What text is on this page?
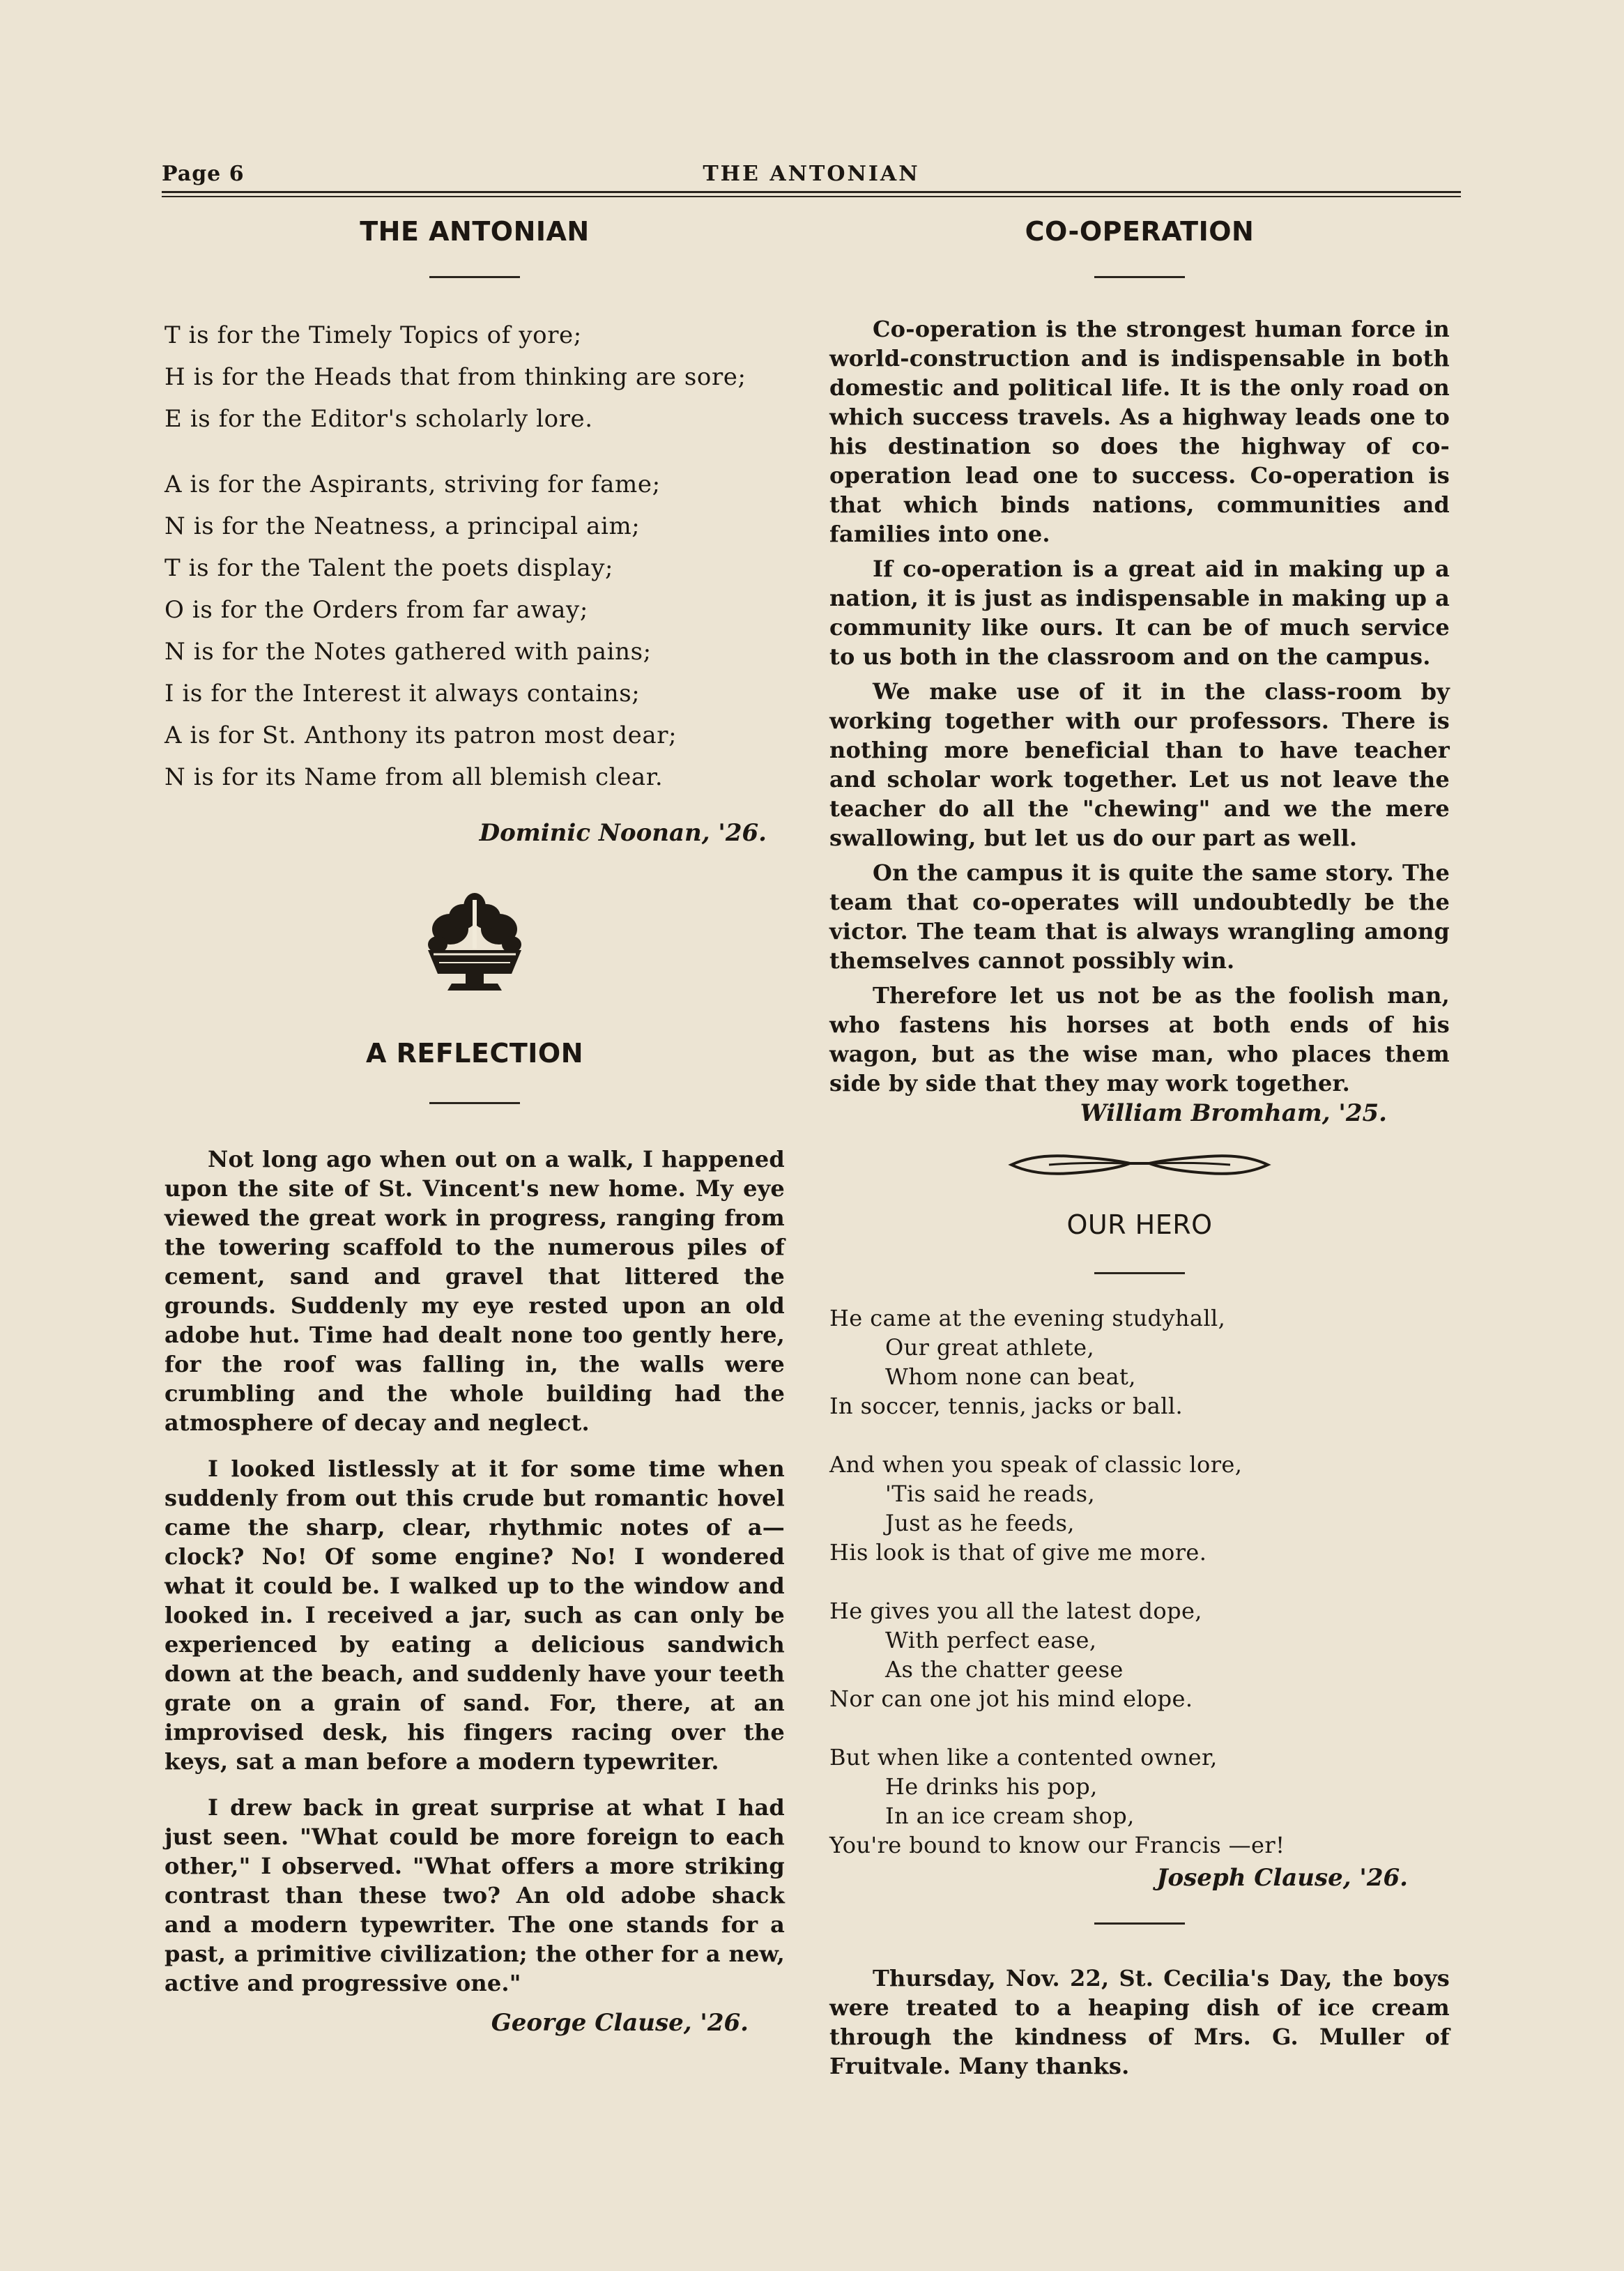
Page 6	THE ANTONIAN
THE ANTONIAN
T is for the Timely Topics of yore;
H is for the Heads that from thinking are sore;
E is for the Editor's scholarly lore.
A is for the Aspirants, striving for fame;
N is for the Neatness, a principal aim;
T is for the Talent the poets display;
O is for the Orders from far away;
N is for the Notes gathered with pains;
I is for the Interest it always contains;
A is for St. Anthony its patron most dear;
N is for its Name from all blemish clear.
Dominic Noonan, '26.
A REFLECTION

Not long ago when out on a walk, I happened upon the site of St. Vincent's new home. My eye viewed the great work in progress, ranging from the towering scaffold to the numerous piles of cement, sand and gravel that littered the grounds. Suddenly my eye rested upon an old adobe hut. Time had dealt none too gently here, for the roof was falling in, the walls were crumbling and the whole building had the atmosphere of decay and neglect.

I looked listlessly at it for some time when suddenly from out this crude but romantic hovel came the sharp, clear, rhythmic notes of a—clock? No! Of some engine? No! I wondered what it could be. I walked up to the window and looked in. I received a jar, such as can only be experienced by eating a delicious sandwich down at the beach, and suddenly have your teeth grate on a grain of sand. For, there, at an improvised desk, his fingers racing over the keys, sat a man before a modern typewriter.

I drew back in great surprise at what I had just seen. "What could be more foreign to each other," I observed. "What offers a more striking contrast than these two? An old adobe shack and a modern typewriter. The one stands for a past, a primitive civilization; the other for a new, active and progressive one."

George Clause, '26.
CO-OPERATION

Co-operation is the strongest human force in world-construction and is indispensable in both domestic and political life. It is the only road on which success travels. As a highway leads one to his destination so does the highway of co-operation lead one to success. Co-operation is that which binds nations, communities and families into one.

If co-operation is a great aid in making up a nation, it is just as indispensable in making up a community like ours. It can be of much service to us both in the classroom and on the campus.

We make use of it in the class-room by working together with our professors. There is nothing more beneficial than to have teacher and scholar work together. Let us not leave the teacher do all the "chewing" and we the mere swallowing, but let us do our part as well.

On the campus it is quite the same story. The team that co-operates will undoubtedly be the victor. The team that is always wrangling among themselves cannot possibly win.

Therefore let us not be as the foolish man, who fastens his horses at both ends of his wagon, but as the wise man, who places them side by side that they may work together.

William Bromham, '25.
OUR HERO
He came at the evening studyhall,
Our great athlete,
Whom none can beat,
In soccer, tennis, jacks or ball.
And when you speak of classic lore,
'Tis said he reads,
Just as he feeds,
His look is that of give me more.
He gives you all the latest dope,
With perfect ease,
As the chatter geese
Nor can one jot his mind elope.
But when like a contented owner,
He drinks his pop,
In an ice cream shop,
You're bound to know our Francis —er!
Joseph Clause, '26.

Thursday, Nov. 22, St. Cecilia's Day, the boys were treated to a heaping dish of ice cream through the kindness of Mrs. G. Muller of Fruitvale. Many thanks.
